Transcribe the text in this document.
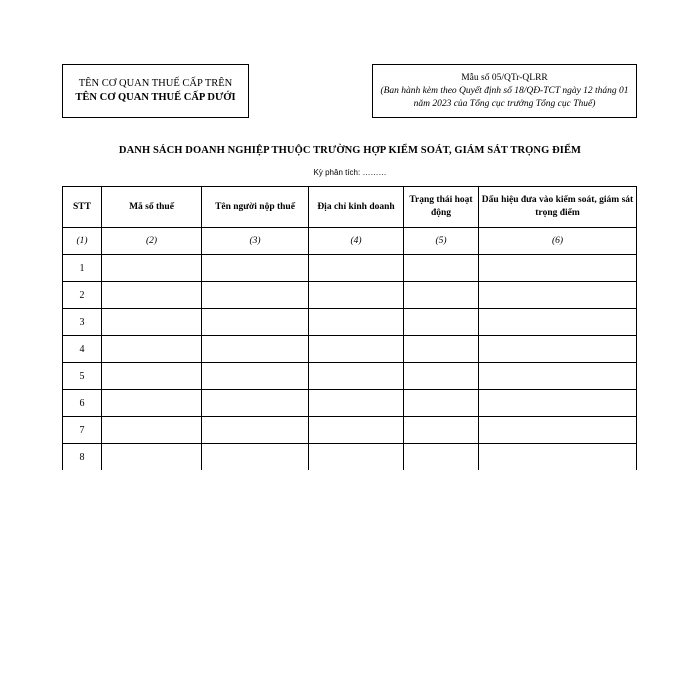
TÊN CƠ QUAN THUẾ CẤP TRÊN
TÊN CƠ QUAN THUẾ CẤP DƯỚI
Mẫu số 05/QTr-QLRR
(Ban hành kèm theo Quyết định số 18/QĐ-TCT ngày 12 tháng 01 năm 2023 của Tổng cục trưởng Tổng cục Thuế)
DANH SÁCH DOANH NGHIỆP THUỘC TRƯỜNG HỢP KIỂM SOÁT, GIÁM SÁT TRỌNG ĐIỂM
Kỳ phân tích: ………
STT	Mã số thuế	Tên người nộp thuế	Địa chỉ kinh doanh	Trạng thái hoạt động	Dấu hiệu đưa vào kiểm soát, giám sát trọng điểm
(1)	(2)	(3)	(4)	(5)	(6)
1					
2					
3					
4					
5					
6					
7					
8					
